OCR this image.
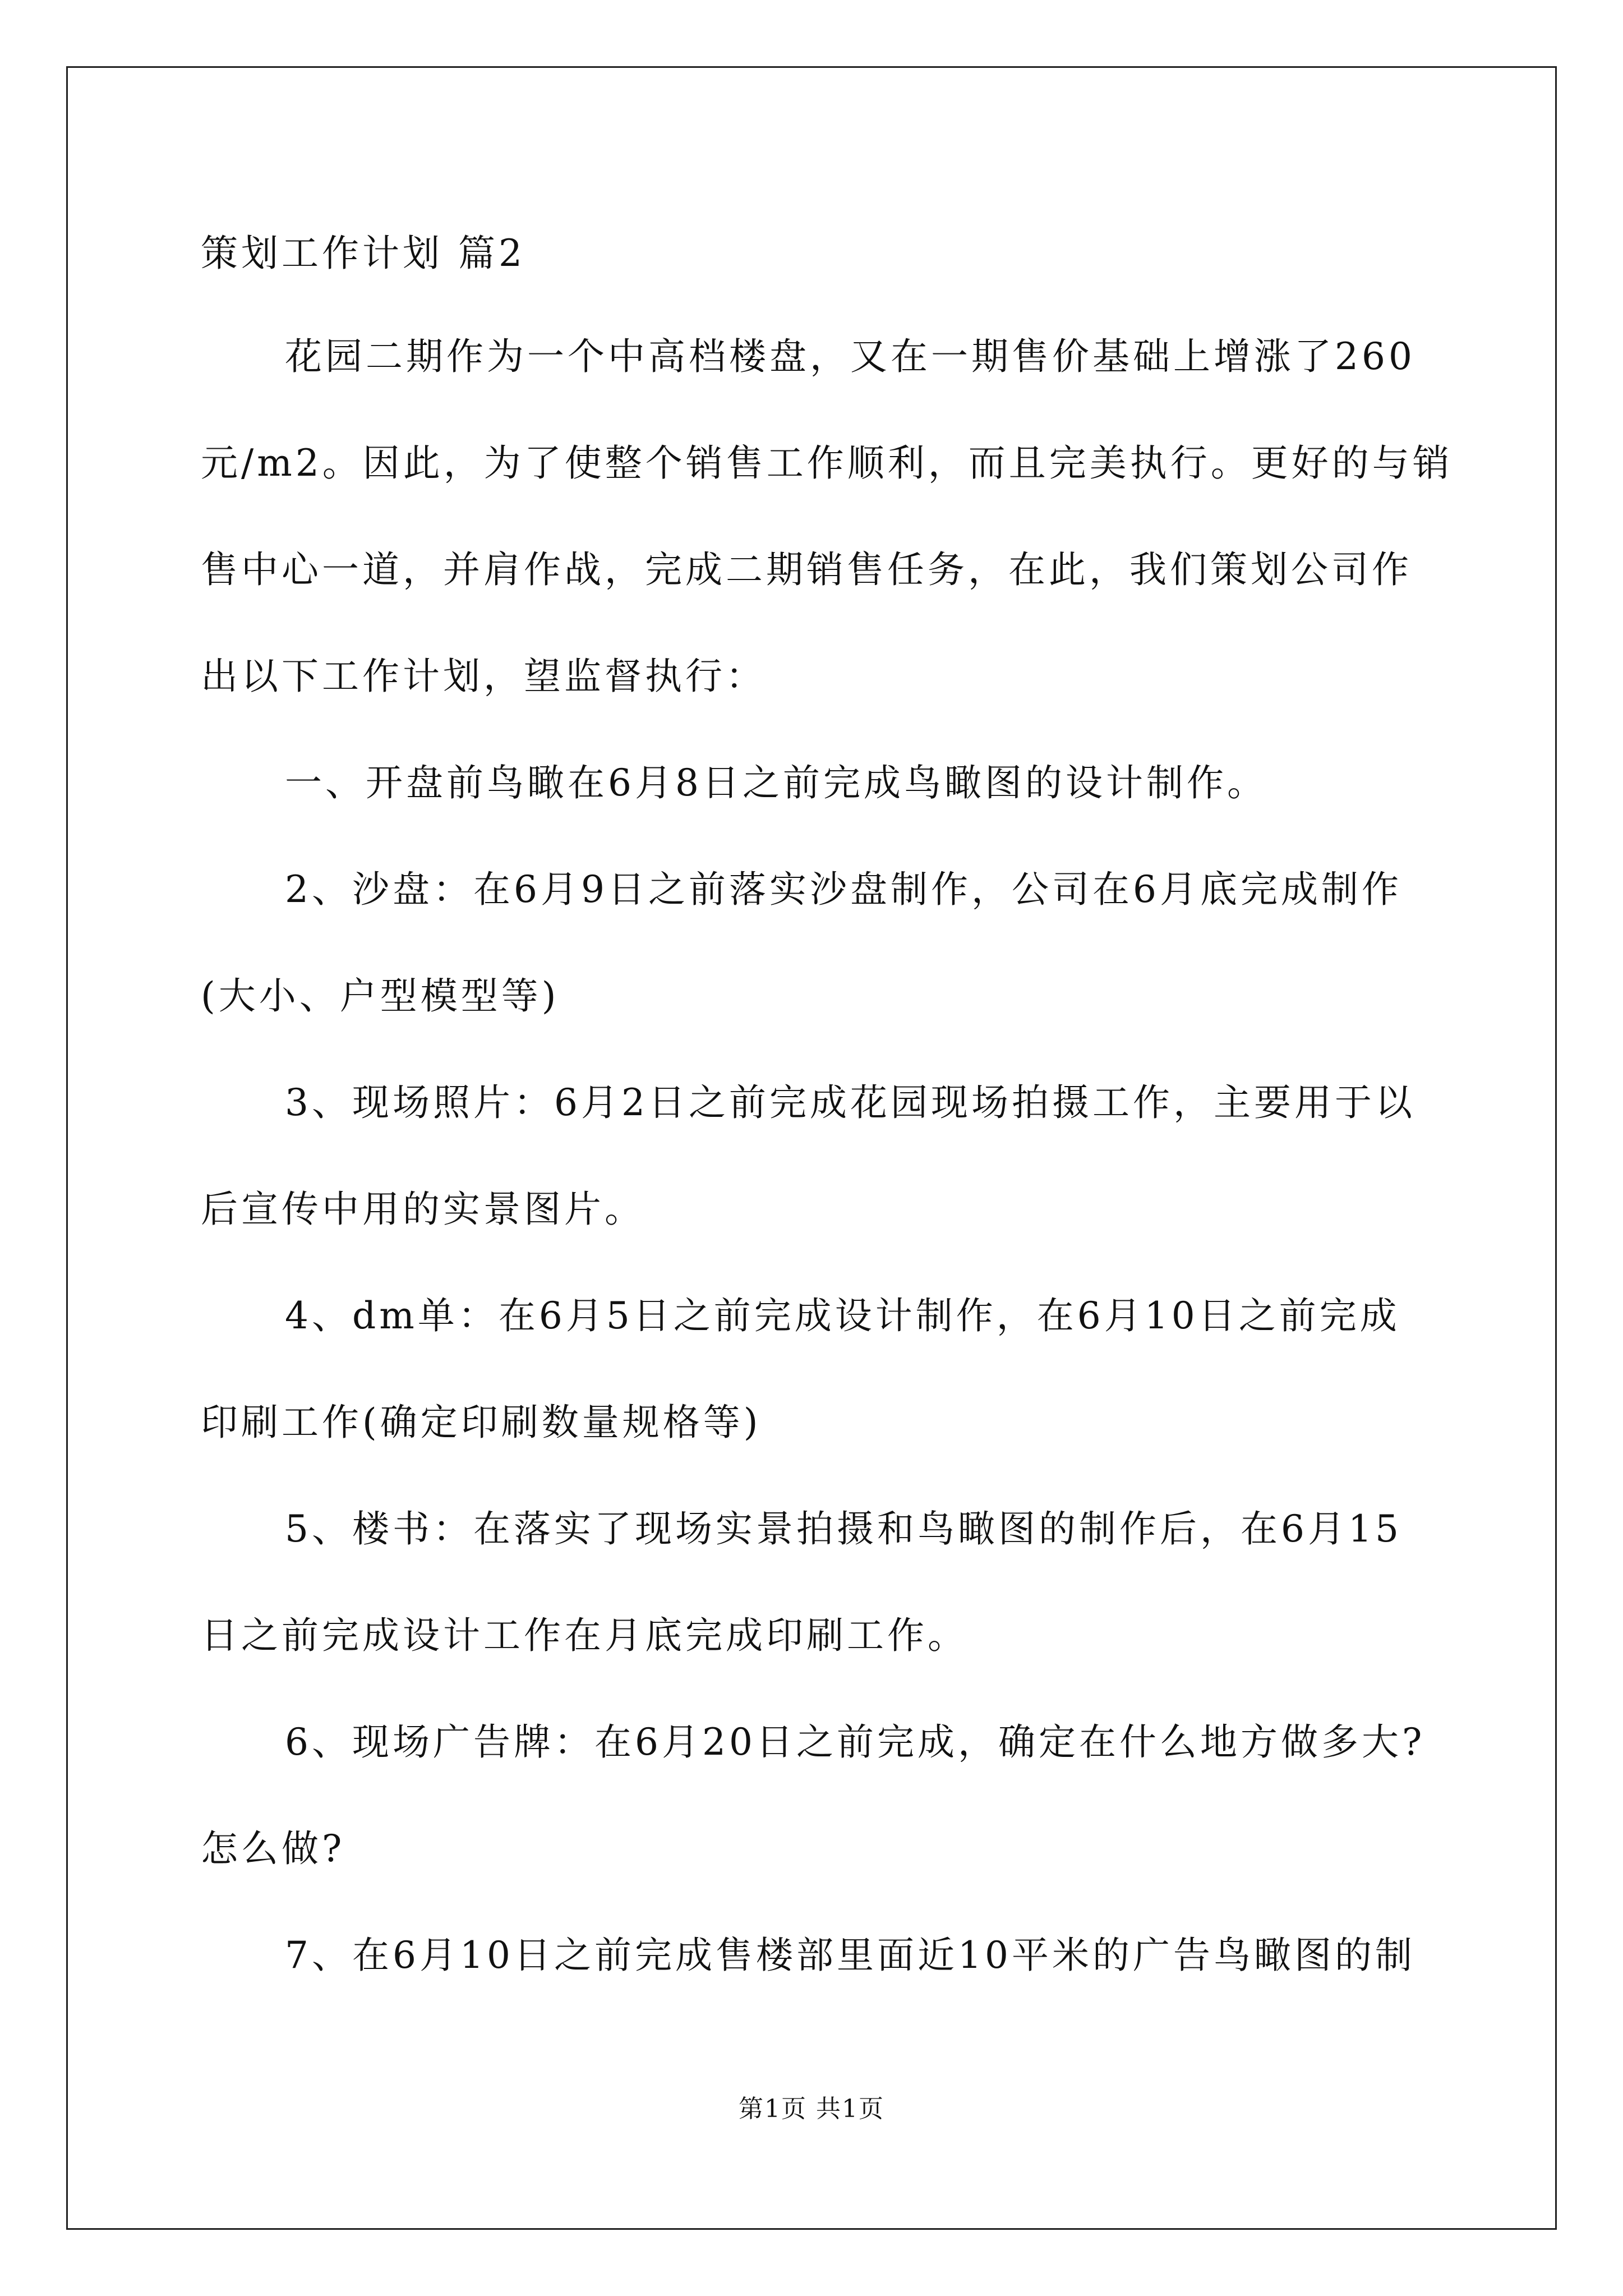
策划工作计划 篇2
花园二期作为一个中高档楼盘，又在一期售价基础上增涨了260
元/m2。因此，为了使整个销售工作顺利，而且完美执行。更好的与销
售中心一道，并肩作战，完成二期销售任务，在此，我们策划公司作
出以下工作计划，望监督执行：
一、开盘前鸟瞰在6月8日之前完成鸟瞰图的设计制作。
2、沙盘：在6月9日之前落实沙盘制作，公司在6月底完成制作
(大小、户型模型等)
3、现场照片：6月2日之前完成花园现场拍摄工作，主要用于以
后宣传中用的实景图片。
4、dm单：在6月5日之前完成设计制作，在6月10日之前完成
印刷工作(确定印刷数量规格等)
5、楼书：在落实了现场实景拍摄和鸟瞰图的制作后，在6月15
日之前完成设计工作在月底完成印刷工作。
6、现场广告牌：在6月20日之前完成，确定在什么地方做多大?
怎么做?
7、在6月10日之前完成售楼部里面近10平米的广告鸟瞰图的制
第1页 共1页
